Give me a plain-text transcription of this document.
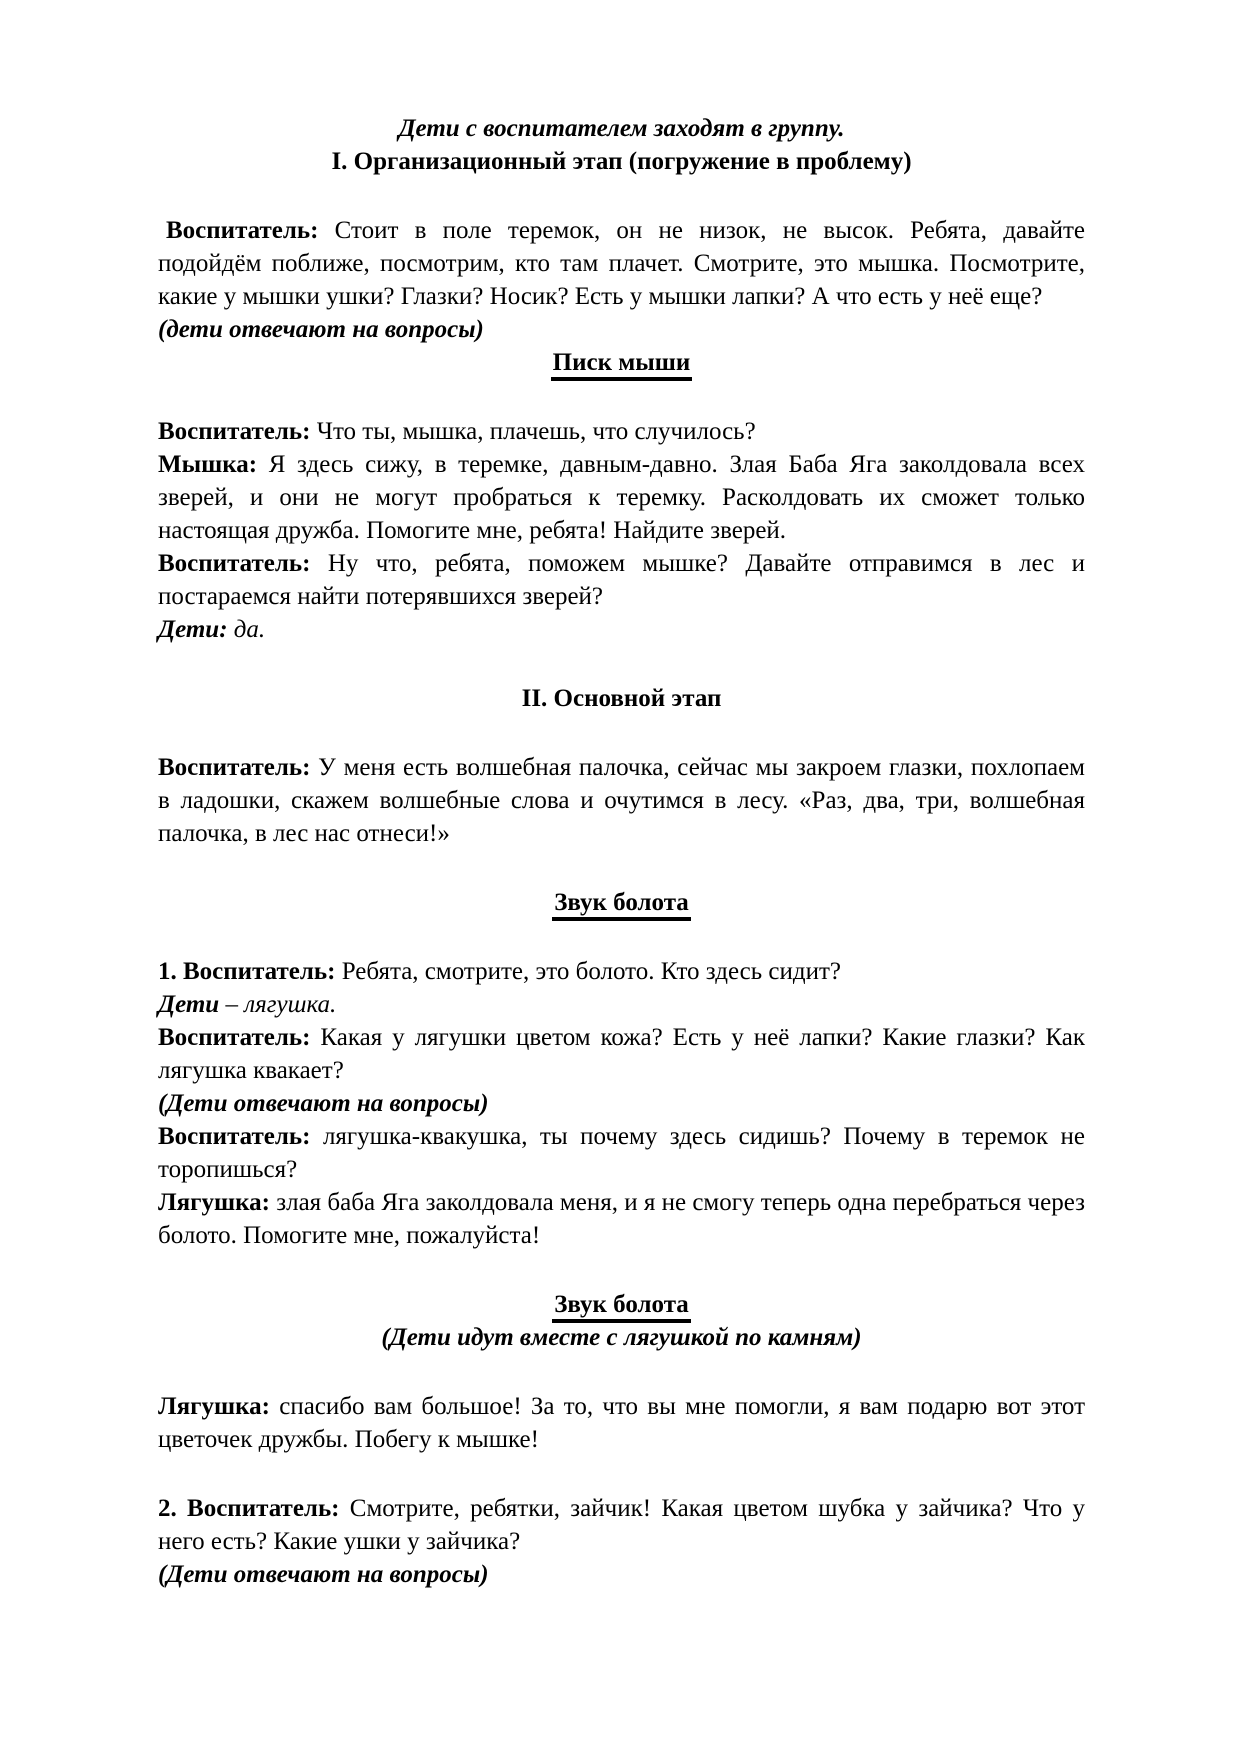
Дети с воспитателем заходят в группу.

I. Организационный этап (погружение в проблему)

Воспитатель: Стоит в поле теремок, он не низок, не высок. Ребята, давайте подойдём поближе, посмотрим, кто там плачет. Смотрите, это мышка. Посмотрите, какие у мышки ушки? Глазки? Носик? Есть у мышки лапки? А что есть у неё еще?

(дети отвечают на вопросы)

Писк мыши

Воспитатель: Что ты, мышка, плачешь, что случилось?

Мышка: Я здесь сижу, в теремке, давным-давно. Злая Баба Яга заколдовала всех зверей, и они не могут пробраться к теремку. Расколдовать их сможет только настоящая дружба. Помогите мне, ребята! Найдите зверей.

Воспитатель: Ну что, ребята, поможем мышке? Давайте отправимся в лес и постараемся найти потерявшихся зверей?

Дети: да.

II. Основной этап

Воспитатель: У меня есть волшебная палочка, сейчас мы закроем глазки, похлопаем в ладошки, скажем волшебные слова и очутимся в лесу. «Раз, два, три, волшебная палочка, в лес нас отнеси!»

Звук болота

1. Воспитатель: Ребята, смотрите, это болото. Кто здесь сидит?

Дети – лягушка.

Воспитатель: Какая у лягушки цветом кожа? Есть у неё лапки? Какие глазки? Как лягушка квакает?

(Дети отвечают на вопросы)

Воспитатель: лягушка-квакушка, ты почему здесь сидишь? Почему в теремок не торопишься?

Лягушка: злая баба Яга заколдовала меня, и я не смогу теперь одна перебраться через болото. Помогите мне, пожалуйста!

Звук болота

(Дети идут вместе с лягушкой по камням)

Лягушка: спасибо вам большое! За то, что вы мне помогли, я вам подарю вот этот цветочек дружбы. Побегу к мышке!

2. Воспитатель: Смотрите, ребятки, зайчик! Какая цветом шубка у зайчика? Что у него есть? Какие ушки у зайчика?

(Дети отвечают на вопросы)
